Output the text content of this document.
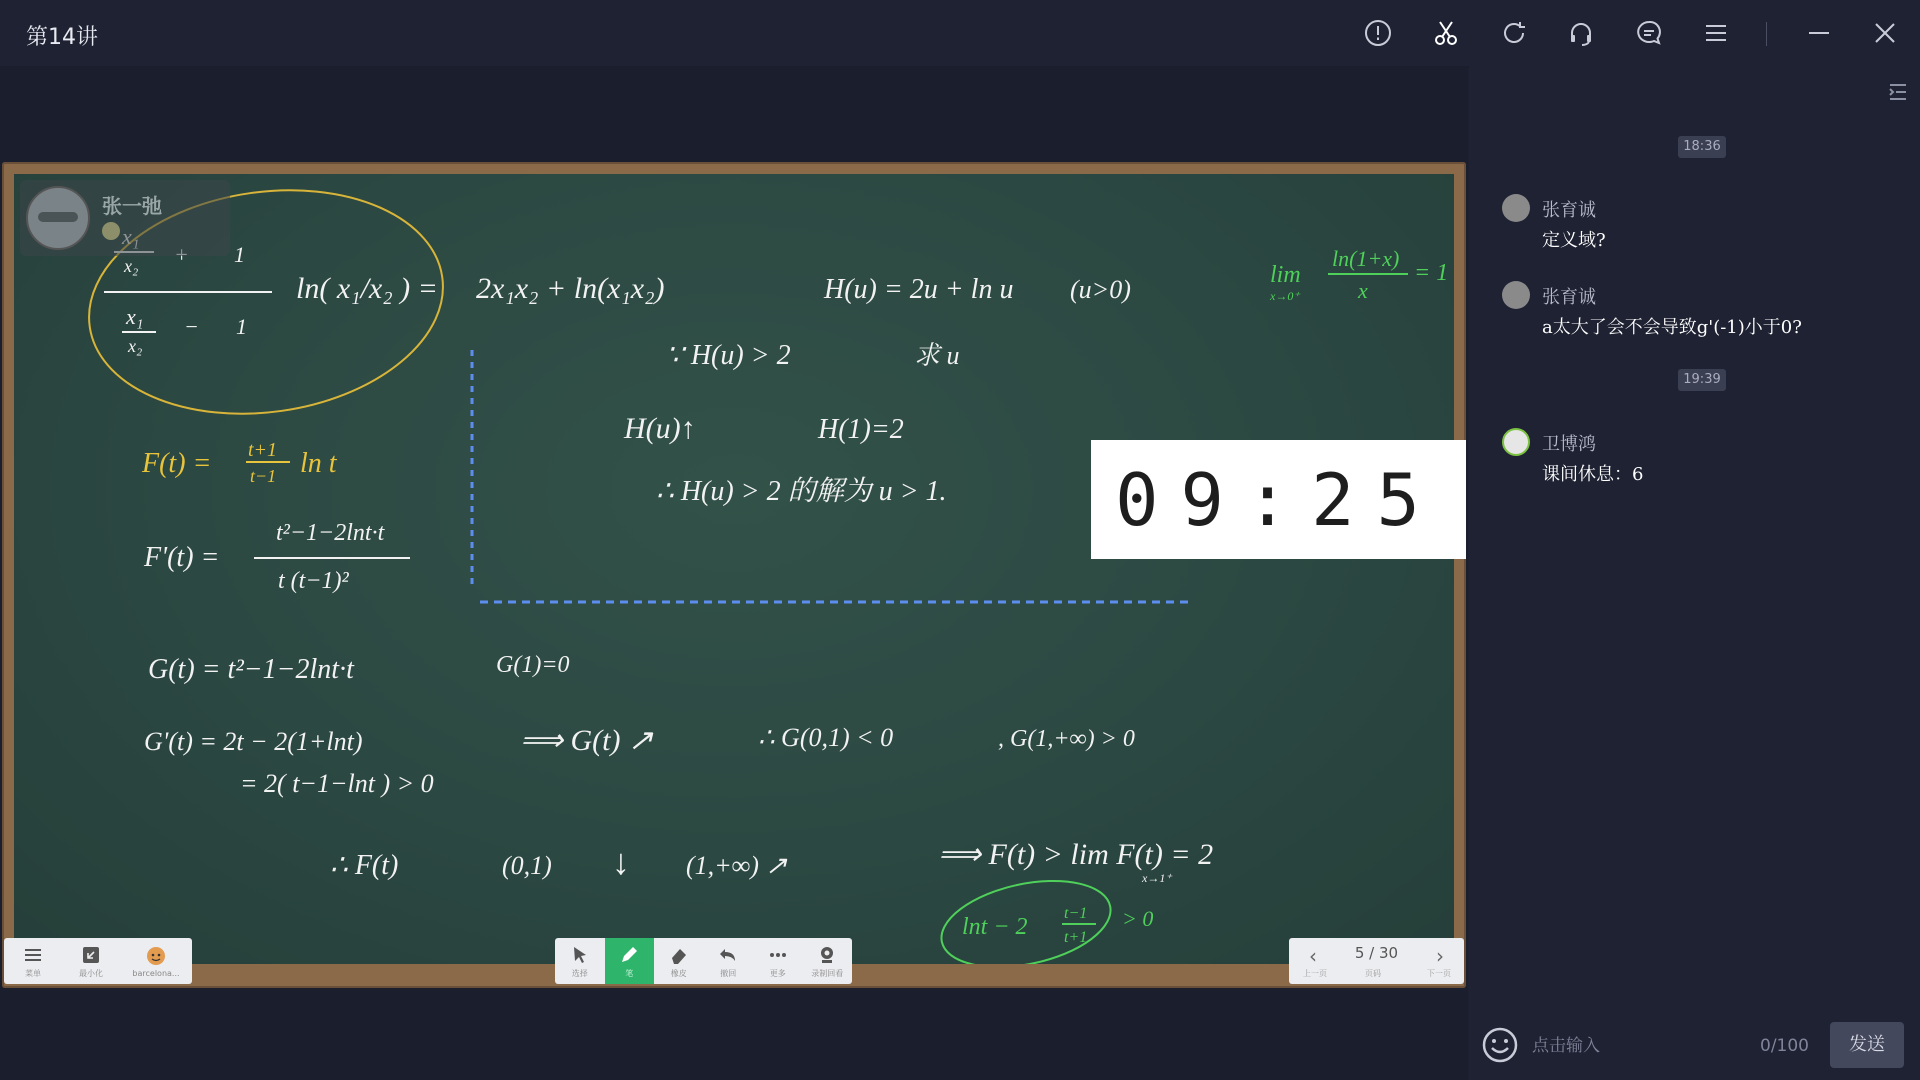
第14讲
x₂	1
x₁
x₂
− 1
ln( x₁/x₂ ) =
F(t) = t+1
t−1 ln t
F'(t) =
t²−1−2lnt·t
t (t−1)²
2x₁x₂ + ln(x₁x₂)	H(u) = 2u + ln u (u>0)
∵ H(u) > 2	求 u
H(u)↑	H(1)=2
∴ H(u) > 2 的解为 u > 1.
lim
x→0⁺
ln(1+x)
x
= 1
G(t) = t²−1−2lnt·t	G(1)=0
G'(t) = 2t − 2(1+lnt)
= 2( t−1−lnt ) > 0
⟹ G(t) ↗	∴ G(0,1) < 0	, G(1,+∞) > 0
∴ F(t)	(0,1) ↓ (1,+∞) ↗	⟹ F(t) > lim F(t) = 2
x→1⁺
lnt − 2
t−1
t+1
> 0
张一弛
09:25
菜单	最小化	barcelona...	选择	笔	橡皮	撤回	更多	录制回看
‹	5 / 30	›
上一页	页码	下一页
18:36
张育诚
定义域?
张育诚
a太大了会不会导致g'(-1)小于0?
19:39
卫博鸿
课间休息：6
点击输入
0/100	发送
